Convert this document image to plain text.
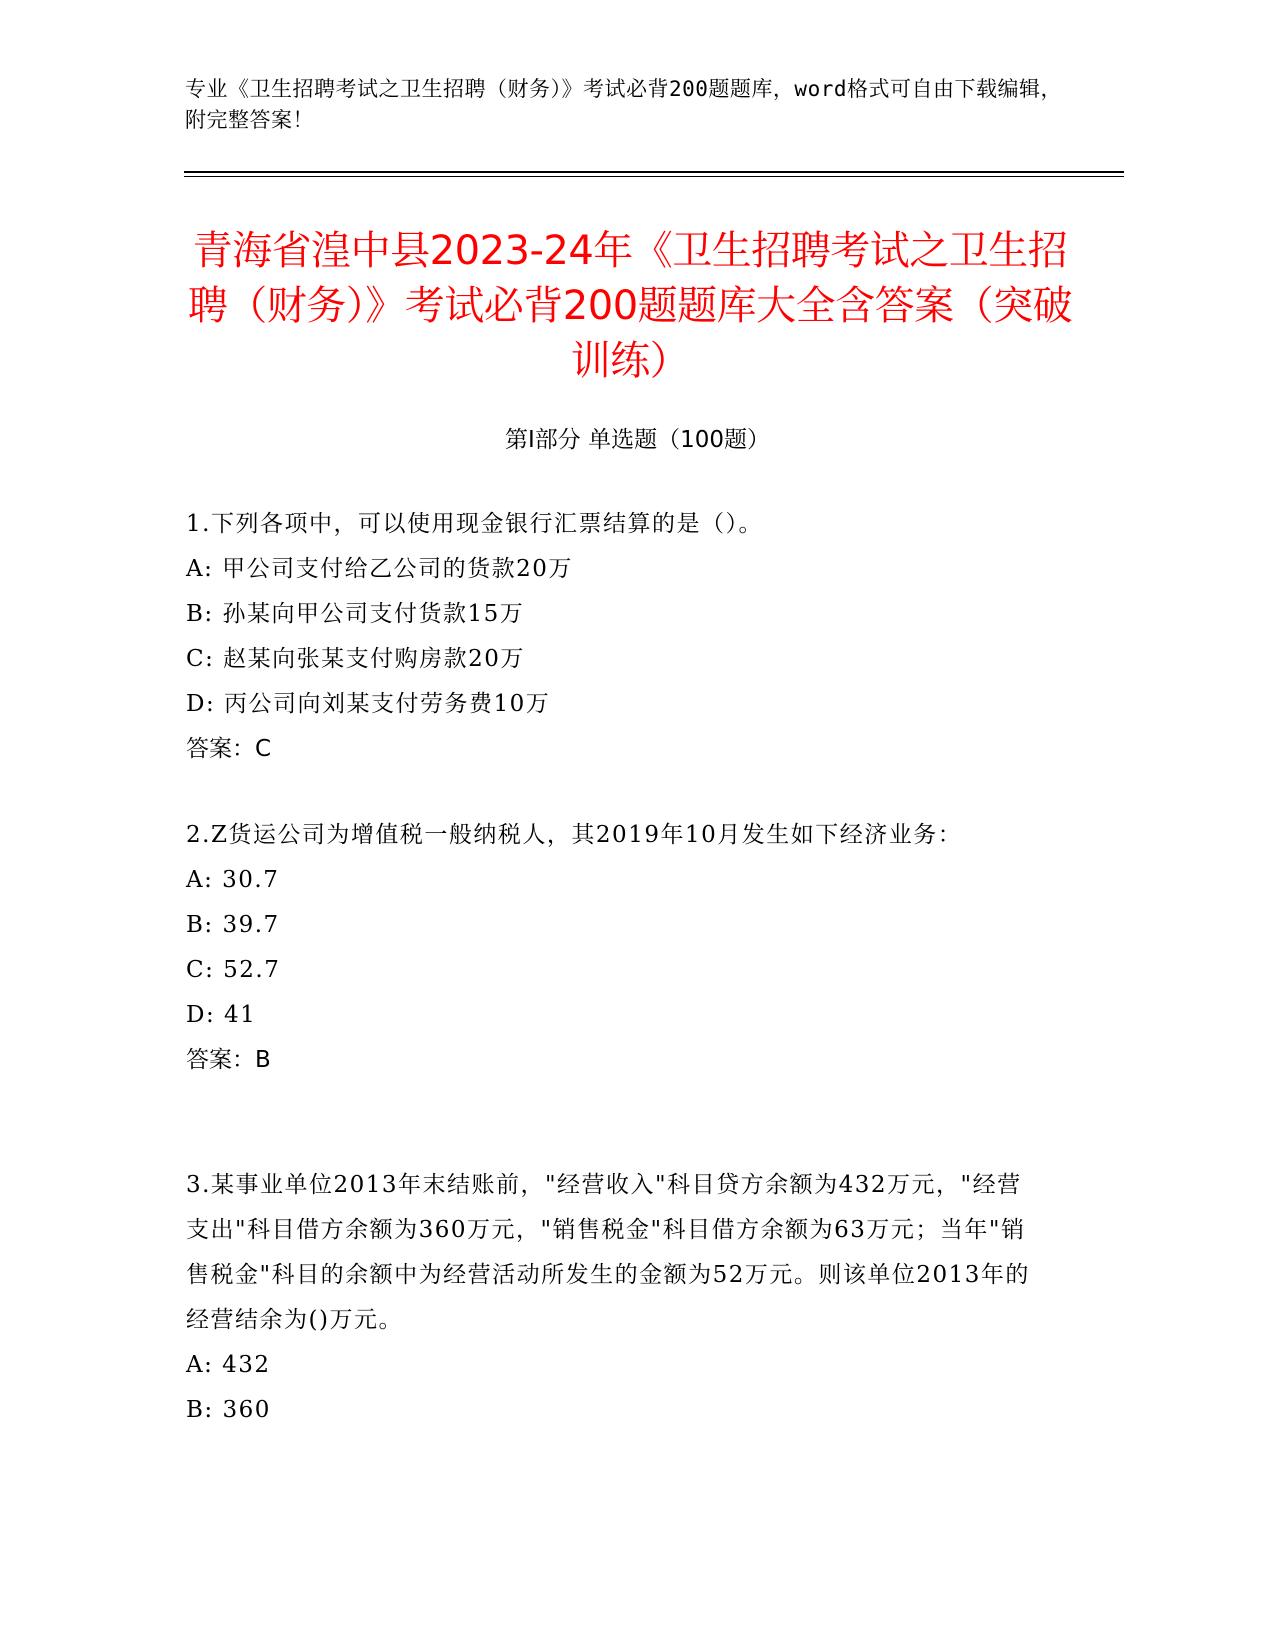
专业《卫生招聘考试之卫生招聘（财务）》考试必背200题题库，word格式可自由下载编辑，附完整答案！
青海省湟中县2023-24年《卫生招聘考试之卫生招聘（财务）》考试必背200题题库大全含答案（突破训练）
第I部分 单选题（100题）

1.下列各项中，可以使用现金银行汇票结算的是（）。

A: 甲公司支付给乙公司的货款20万

B: 孙某向甲公司支付货款15万

C: 赵某向张某支付购房款20万

D: 丙公司向刘某支付劳务费10万

答案：C

2.Z货运公司为增值税一般纳税人，其2019年10月发生如下经济业务：

A: 30.7

B: 39.7

C: 52.7

D: 41

答案：B

3.某事业单位2013年末结账前，"经营收入"科目贷方余额为432万元，"经营支出"科目借方余额为360万元，"销售税金"科目借方余额为63万元；当年"销售税金"科目的余额中为经营活动所发生的金额为52万元。则该单位2013年的经营结余为()万元。

A: 432

B: 360
